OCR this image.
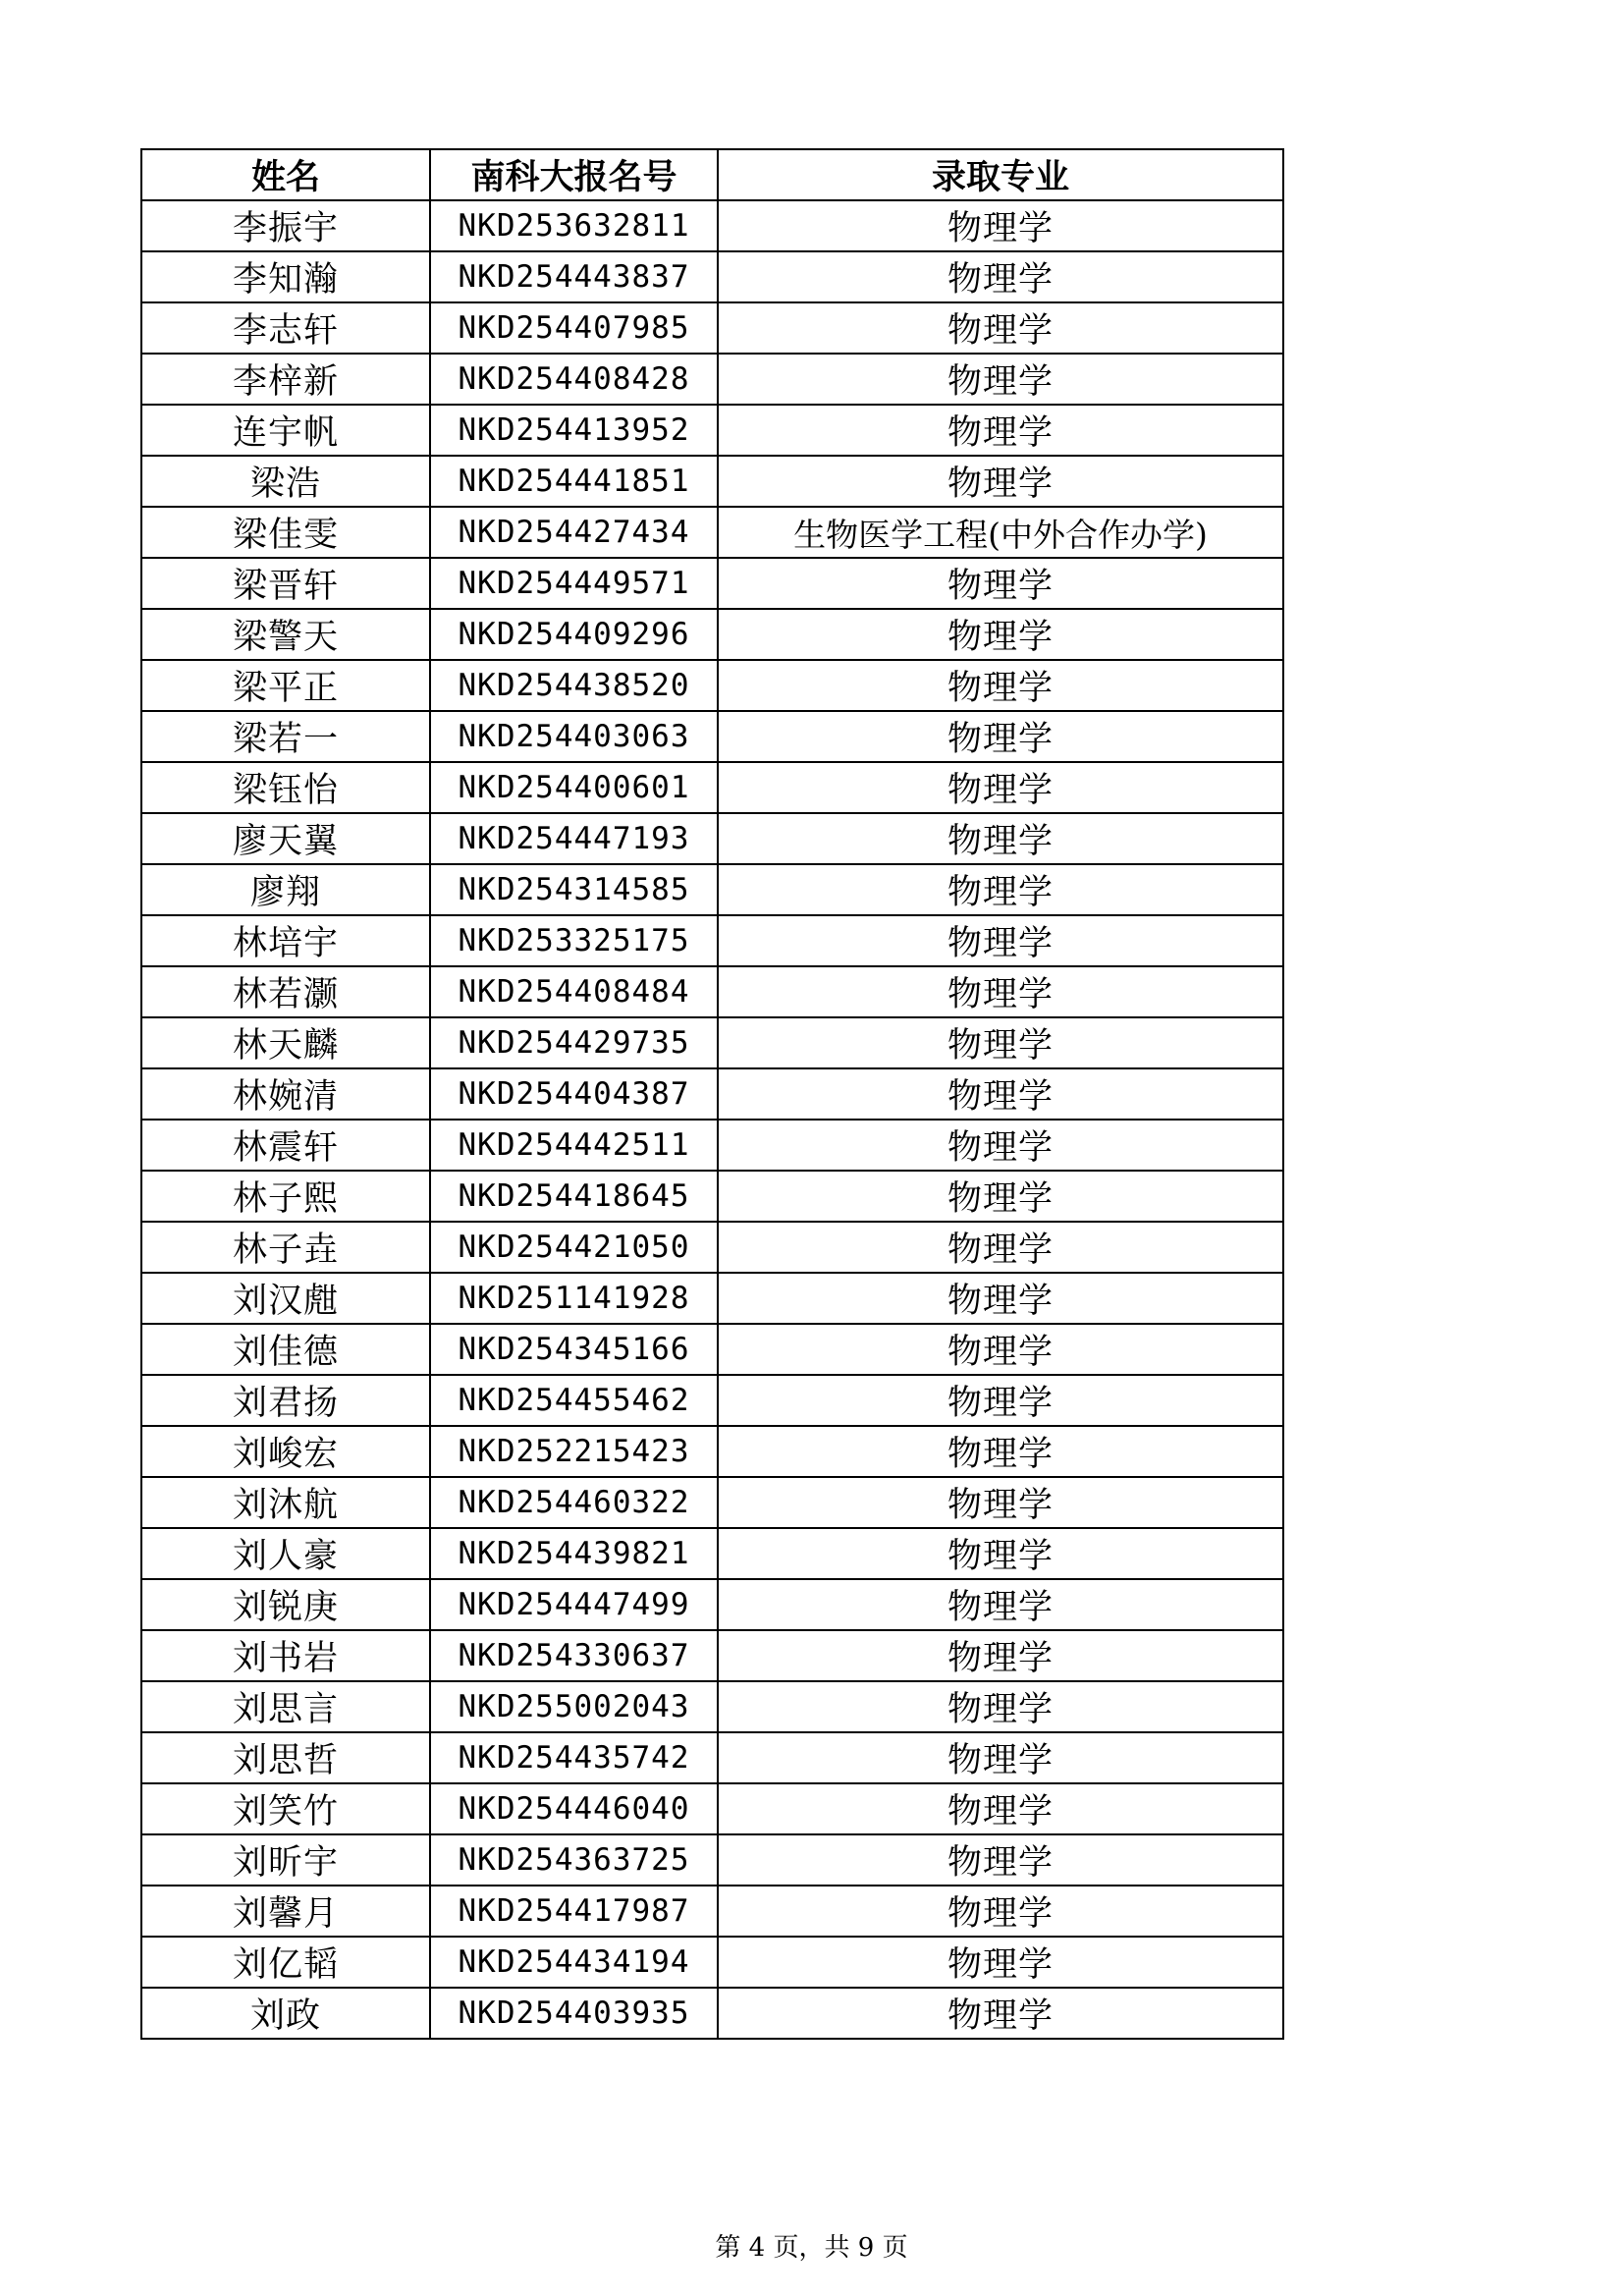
姓名	南科大报名号	录取专业
李振宇	NKD253632811	物理学
李知瀚	NKD254443837	物理学
李志轩	NKD254407985	物理学
李梓新	NKD254408428	物理学
连宇帆	NKD254413952	物理学
梁浩	NKD254441851	物理学
梁佳雯	NKD254427434	生物医学工程(中外合作办学)
梁晋轩	NKD254449571	物理学
梁警天	NKD254409296	物理学
梁平正	NKD254438520	物理学
梁若一	NKD254403063	物理学
梁钰怡	NKD254400601	物理学
廖天翼	NKD254447193	物理学
廖翔	NKD254314585	物理学
林培宇	NKD253325175	物理学
林若灏	NKD254408484	物理学
林天麟	NKD254429735	物理学
林婉清	NKD254404387	物理学
林震轩	NKD254442511	物理学
林子熙	NKD254418645	物理学
林子垚	NKD254421050	物理学
刘汉甝	NKD251141928	物理学
刘佳德	NKD254345166	物理学
刘君扬	NKD254455462	物理学
刘峻宏	NKD252215423	物理学
刘沐航	NKD254460322	物理学
刘人豪	NKD254439821	物理学
刘锐庚	NKD254447499	物理学
刘书岩	NKD254330637	物理学
刘思言	NKD255002043	物理学
刘思哲	NKD254435742	物理学
刘笑竹	NKD254446040	物理学
刘昕宇	NKD254363725	物理学
刘馨月	NKD254417987	物理学
刘亿韬	NKD254434194	物理学
刘政	NKD254403935	物理学
第 4 页，共 9 页
